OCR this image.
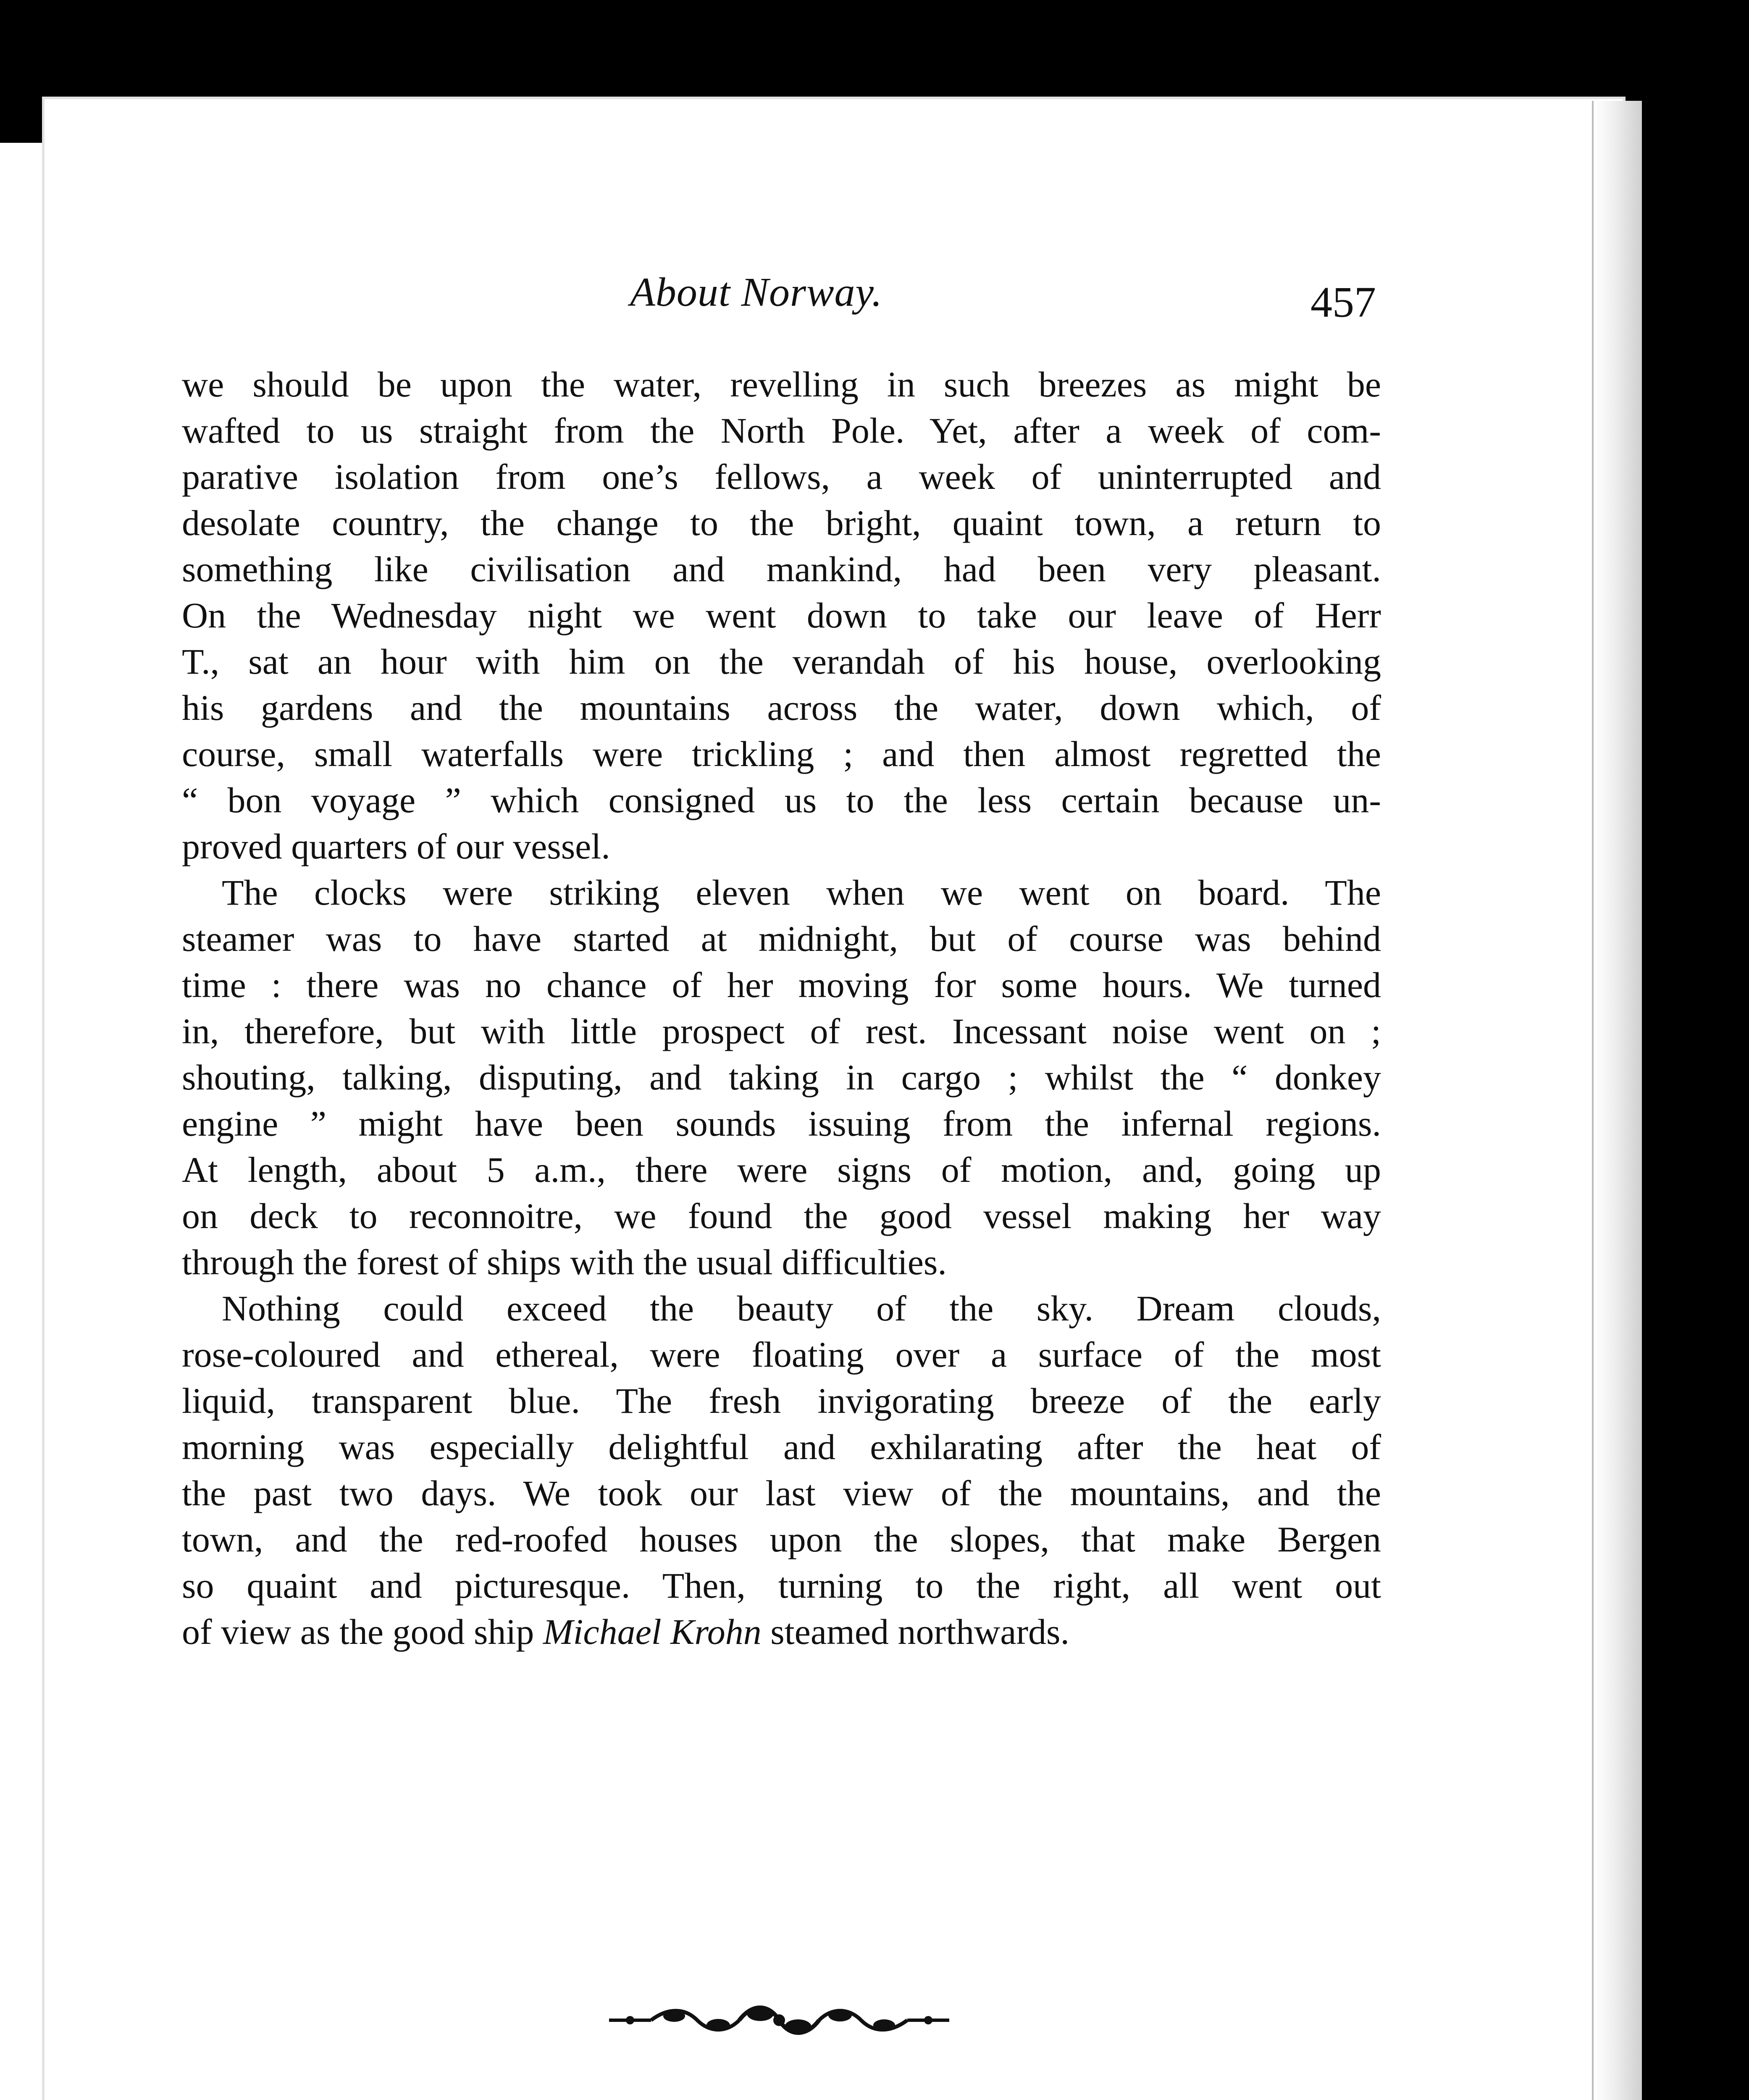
About Norway.	457

we should be upon the water, revelling in such breezes as might be
wafted to us straight from the North Pole. Yet, after a week of com-
parative isolation from one’s fellows, a week of uninterrupted and
desolate country, the change to the bright, quaint town, a return to
something like civilisation and mankind, had been very pleasant.
On the Wednesday night we went down to take our leave of Herr
T., sat an hour with him on the verandah of his house, overlooking
his gardens and the mountains across the water, down which, of
course, small waterfalls were trickling ; and then almost regretted the
“ bon voyage ” which consigned us to the less certain because un-
proved quarters of our vessel.

The clocks were striking eleven when we went on board. The
steamer was to have started at midnight, but of course was behind
time : there was no chance of her moving for some hours. We turned
in, therefore, but with little prospect of rest. Incessant noise went on ;
shouting, talking, disputing, and taking in cargo ; whilst the “ donkey
engine ” might have been sounds issuing from the infernal regions.
At length, about 5 a.m., there were signs of motion, and, going up
on deck to reconnoitre, we found the good vessel making her way
through the forest of ships with the usual difficulties.

Nothing could exceed the beauty of the sky. Dream clouds,
rose-coloured and ethereal, were floating over a surface of the most
liquid, transparent blue. The fresh invigorating breeze of the early
morning was especially delightful and exhilarating after the heat of
the past two days. We took our last view of the mountains, and the
town, and the red-roofed houses upon the slopes, that make Bergen
so quaint and picturesque. Then, turning to the right, all went out
of view as the good ship Michael Krohn steamed northwards.
